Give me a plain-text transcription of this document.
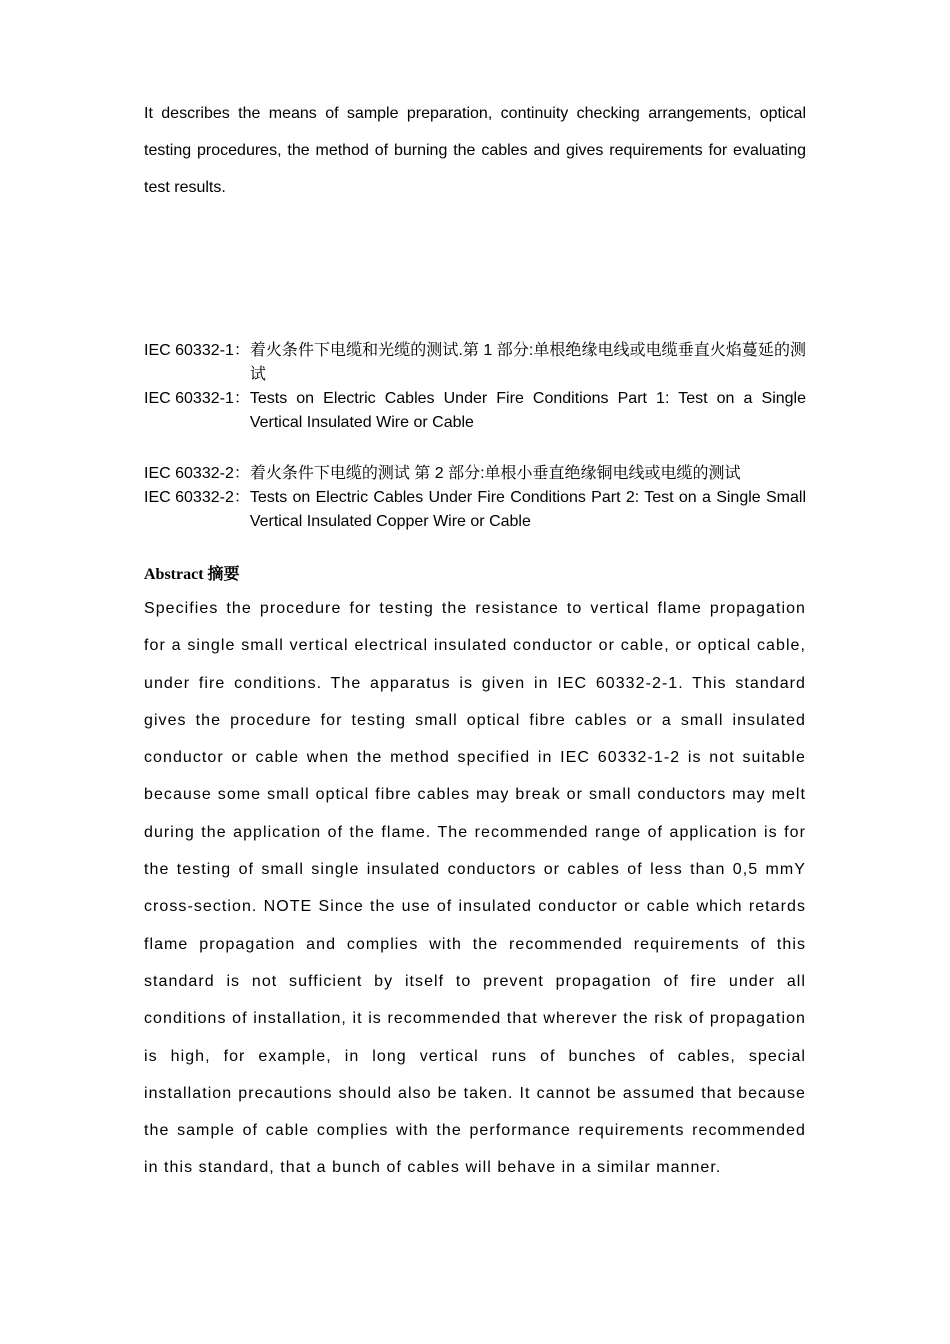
It describes the means of sample preparation, continuity checking arrangements, optical testing procedures, the method of burning the cables and gives requirements for evaluating test results.

IEC 60332-1： 着火条件下电缆和光缆的测试.第 1 部分:单根绝缘电线或电缆垂直火焰蔓延的测试
IEC 60332-1： Tests on Electric Cables Under Fire Conditions Part 1: Test on a Single Vertical Insulated Wire or Cable
IEC 60332-2： 着火条件下电缆的测试 第 2 部分:单根小垂直绝缘铜电线或电缆的测试
IEC 60332-2： Tests on Electric Cables Under Fire Conditions Part 2: Test on a Single Small Vertical Insulated Copper Wire or Cable

Abstract 摘要

Specifies the procedure for testing the resistance to vertical flame propagation for a single small vertical electrical insulated conductor or cable, or optical cable, under fire conditions. The apparatus is given in IEC 60332-2-1. This standard gives the procedure for testing small optical fibre cables or a small insulated conductor or cable when the method specified in IEC 60332-1-2 is not suitable because some small optical fibre cables may break or small conductors may melt during the application of the flame. The recommended range of application is for the testing of small single insulated conductors or cables of less than 0,5 mmY cross-section. NOTE Since the use of insulated conductor or cable which retards flame propagation and complies with the recommended requirements of this standard is not sufficient by itself to prevent propagation of fire under all conditions of installation, it is recommended that wherever the risk of propagation is high, for example, in long vertical runs of bunches of cables, special installation precautions should also be taken. It cannot be assumed that because the sample of cable complies with the performance requirements recommended in this standard, that a bunch of cables will behave in a similar manner.
